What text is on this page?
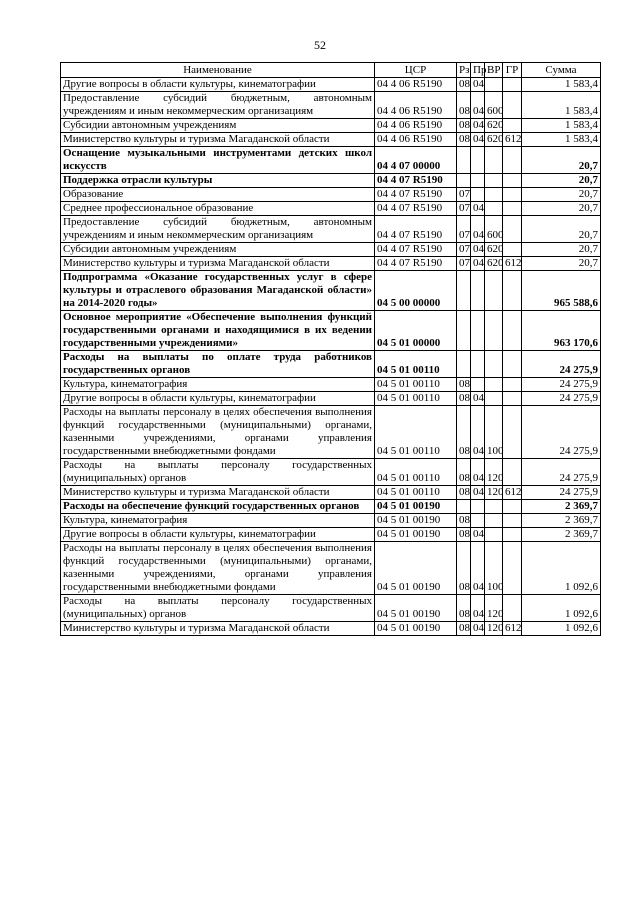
52
Наименование	ЦСР	Рз	Пр	ВР	ГР	Сумма
Другие вопросы в области культуры, кинематографии	04 4 06 R5190	08	04			1 583,4
Предоставление субсидий бюджетным, автономным учреждениям и иным некоммерческим организациям	04 4 06 R5190	08	04	600		1 583,4
Субсидии автономным учреждениям	04 4 06 R5190	08	04	620		1 583,4
Министерство культуры и туризма Магаданской области	04 4 06 R5190	08	04	620	612	1 583,4
Оснащение музыкальными инструментами детских школ искусств	04 4 07 00000					20,7
Поддержка отрасли культуры	04 4 07 R5190					20,7
Образование	04 4 07 R5190	07				20,7
Среднее профессиональное образование	04 4 07 R5190	07	04			20,7
Предоставление субсидий бюджетным, автономным учреждениям и иным некоммерческим организациям	04 4 07 R5190	07	04	600		20,7
Субсидии автономным учреждениям	04 4 07 R5190	07	04	620		20,7
Министерство культуры и туризма Магаданской области	04 4 07 R5190	07	04	620	612	20,7
Подпрограмма «Оказание государственных услуг в сфере культуры и отраслевого образования Магаданской области» на 2014-2020 годы»	04 5 00 00000					965 588,6
Основное мероприятие «Обеспечение выполнения функций государственными органами и находящимися в их ведении государственными учреждениями»	04 5 01 00000					963 170,6
Расходы на выплаты по оплате труда работников государственных органов	04 5 01 00110					24 275,9
Культура, кинематография	04 5 01 00110	08				24 275,9
Другие вопросы в области культуры, кинематографии	04 5 01 00110	08	04			24 275,9
Расходы на выплаты персоналу в целях обеспечения выполнения функций государственными (муниципальными) органами, казенными учреждениями, органами управления государственными внебюджетными фондами	04 5 01 00110	08	04	100		24 275,9
Расходы на выплаты персоналу государственных (муниципальных) органов	04 5 01 00110	08	04	120		24 275,9
Министерство культуры и туризма Магаданской области	04 5 01 00110	08	04	120	612	24 275,9
Расходы на обеспечение функций государственных органов	04 5 01 00190					2 369,7
Культура, кинематография	04 5 01 00190	08				2 369,7
Другие вопросы в области культуры, кинематографии	04 5 01 00190	08	04			2 369,7
Расходы на выплаты персоналу в целях обеспечения выполнения функций государственными (муниципальными) органами, казенными учреждениями, органами управления государственными внебюджетными фондами	04 5 01 00190	08	04	100		1 092,6
Расходы на выплаты персоналу государственных (муниципальных) органов	04 5 01 00190	08	04	120		1 092,6
Министерство культуры и туризма Магаданской области	04 5 01 00190	08	04	120	612	1 092,6
